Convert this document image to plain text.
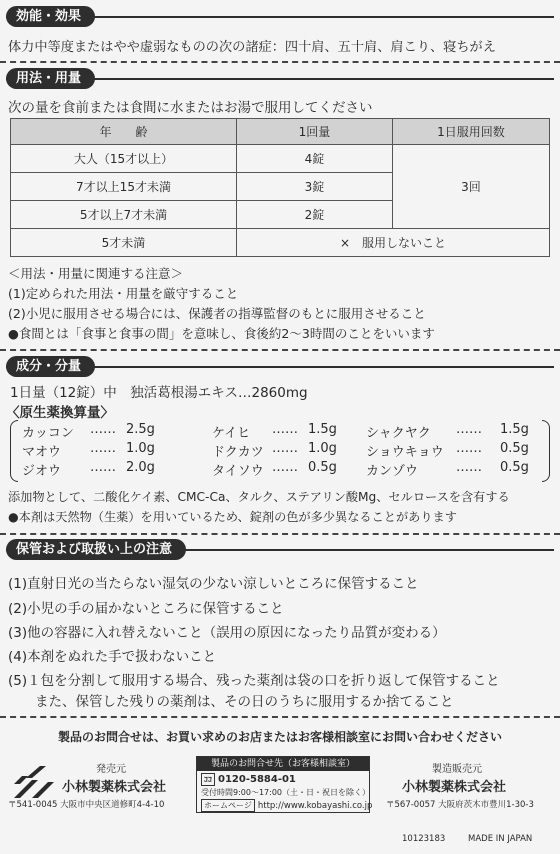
効能・効果
体力中等度またはやや虚弱なものの次の諸症：四十肩、五十肩、肩こり、寝ちがえ
用法・用量
次の量を食前または食間に水またはお湯で服用してください
年　　齢	1回量	1日服用回数
大人（15才以上）	4錠	3回
7才以上15才未満	3錠	
5才以上7才未満	2錠	
5才未満	×　服用しないこと	
＜用法・用量に関連する注意＞
(1)定められた用法・用量を厳守すること
(2)小児に服用させる場合には、保護者の指導監督のもとに服用させること
●食間とは「食事と食事の間」を意味し、食後約2～3時間のことをいいます
成分・分量
1日量（12錠）中　独活葛根湯エキス…2860mg
〈原生薬換算量〉
カッコン …… 2.5g	ケイヒ …… 1.5g シャクヤク …… 1.5g
マオウ …… 1.0g	ドクカツ …… 1.0g ショウキョウ …… 0.5g
ジオウ …… 2.0g	タイソウ …… 0.5g カンゾウ	…… 0.5g
添加物として、二酸化ケイ素、CMC-Ca、タルク、ステアリン酸Mg、セルロースを含有する
●本剤は天然物（生薬）を用いているため、錠剤の色が多少異なることがあります
保管および取扱い上の注意
(1)直射日光の当たらない湿気の少ない涼しいところに保管すること
(2)小児の手の届かないところに保管すること
(3)他の容器に入れ替えないこと（誤用の原因になったり品質が変わる）
(4)本剤をぬれた手で扱わないこと
(5)１包を分割して服用する場合、残った薬剤は袋の口を折り返して保管すること
　　また、保管した残りの薬剤は、その日のうちに服用するか捨てること
製品のお問合せは、お買い求めのお店またはお客様相談室にお問い合わせください
発売元
小林製薬株式会社
〒541-0045 大阪市中央区道修町4-4-10
製品のお問合せ先（お客様相談室）
ｺｺ 0120-5884-01
受付時間9:00～17:00（土・日・祝日を除く）
ホームページ http://www.kobayashi.co.jp
製造販売元
小林製薬株式会社
〒567-0057 大阪府茨木市豊川1-30-3
10123183	MADE IN JAPAN
